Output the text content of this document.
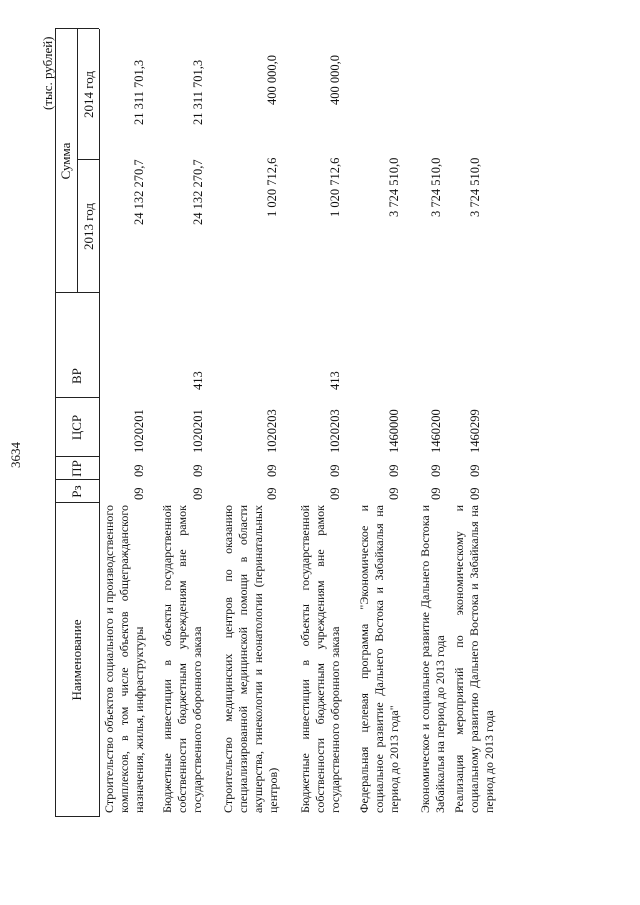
3634
(тыс. рублей)
Наименование
Рз
ПР
ЦСР
ВР
Сумма
2013 год
2014 год
Строительство объектов социального и производственного комплексов, в том числе объектов общегражданского назначения, жилья, инфраструктуры
09
09
1020201
24 132 270,7
21 311 701,3
Бюджетные инвестиции в объекты государственной собственности бюджетным учреждениям вне рамок государственного оборонного заказа
09
09
1020201
413
24 132 270,7
21 311 701,3
Строительство медицинских центров по оказанию специализированной медицинской помощи в области акушерства, гинекологии и неонатологии (перинатальных центров)
09
09
1020203
1 020 712,6
400 000,0
Бюджетные инвестиции в объекты государственной собственности бюджетным учреждениям вне рамок государственного оборонного заказа
09
09
1020203
413
1 020 712,6
400 000,0
Федеральная целевая программа "Экономическое и социальное развитие Дальнего Востока и Забайкалья на период до 2013 года"
09
09
1460000
3 724 510,0
Экономическое и социальное развитие Дальнего Востока и Забайкалья на период до 2013 года
09
09
1460200
3 724 510,0
Реализация мероприятий по экономическому и социальному развитию Дальнего Востока и Забайкалья на период до 2013 года
09
09
1460299
3 724 510,0
